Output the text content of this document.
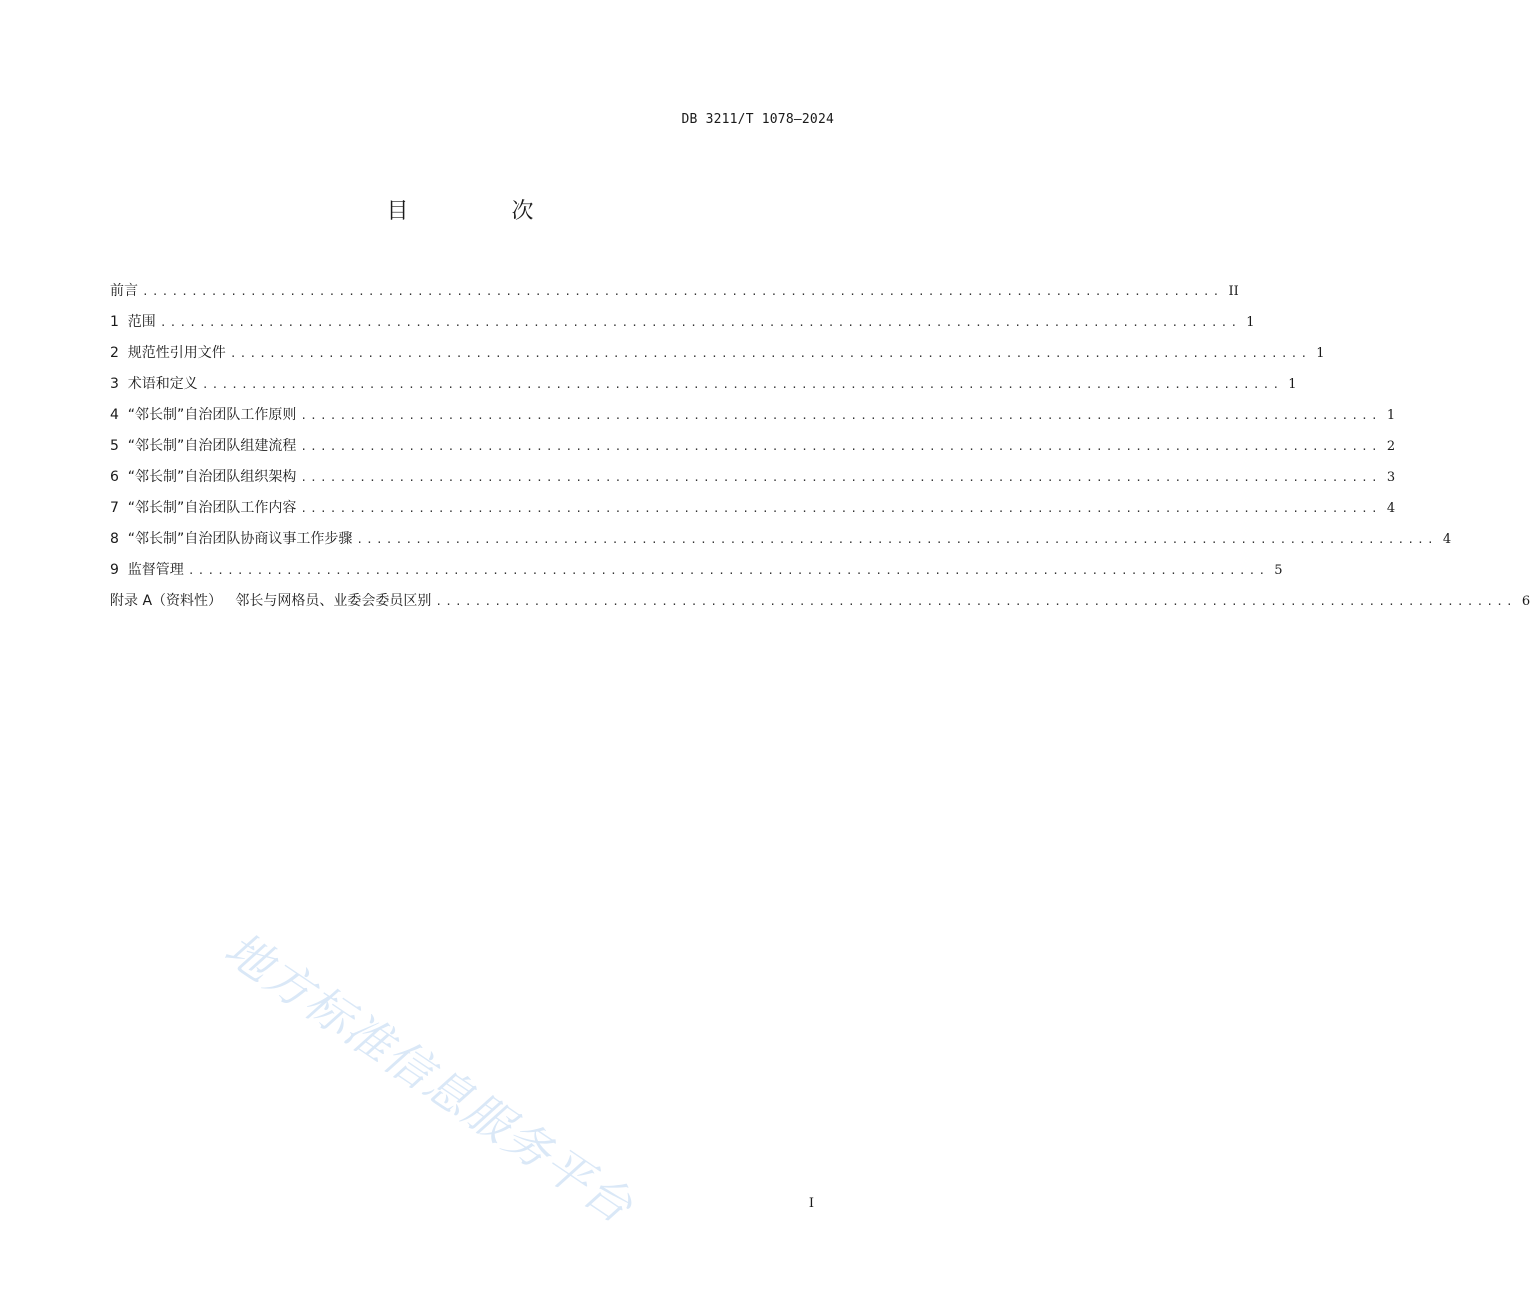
DB 3211/T 1078—2024
目 次
前言 .............................................................................................................. II
1  范围 .............................................................................................................. 1
2  规范性引用文件 .............................................................................................................. 1
3  术语和定义 .............................................................................................................. 1
4  “邻长制”自治团队工作原则 .............................................................................................................. 1
5  “邻长制”自治团队组建流程 .............................................................................................................. 2
6  “邻长制”自治团队组织架构 .............................................................................................................. 3
7  “邻长制”自治团队工作内容 .............................................................................................................. 4
8  “邻长制”自治团队协商议事工作步骤 .............................................................................................................. 4
9  监督管理 .............................................................................................................. 5
附录 A（资料性）   邻长与网格员、业委会委员区别 .............................................................................................................. 6
地方标准信息服务平台	I
